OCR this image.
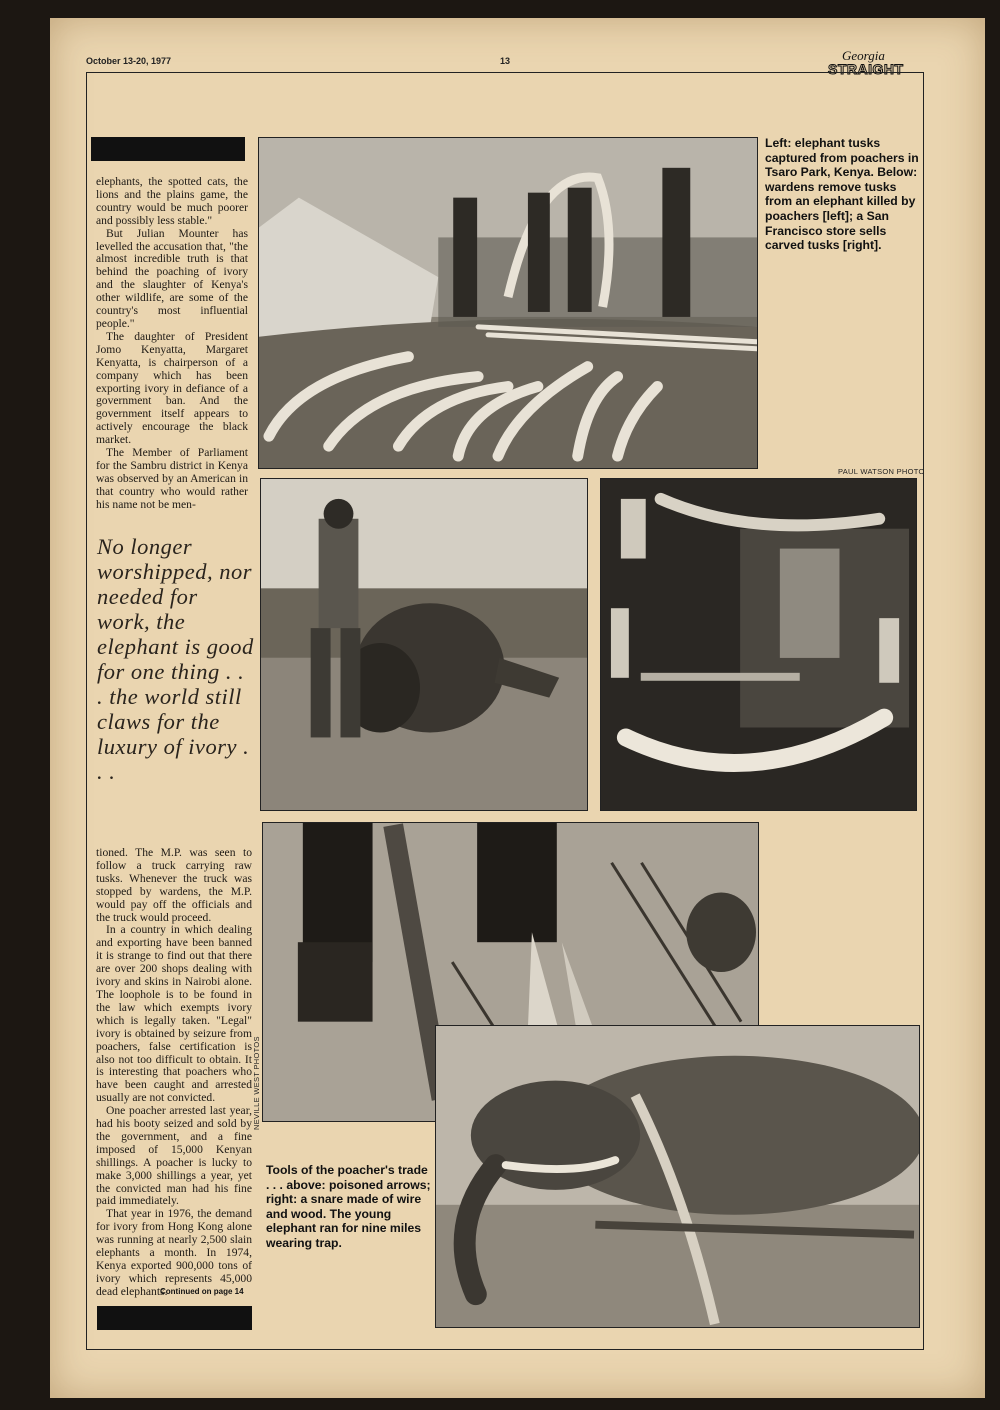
October 13-20, 1977	13	Georgia
STRAIGHT

elephants, the spotted cats, the lions and the plains game, the country would be much poorer and possibly less stable."

But Julian Mounter has levelled the accusation that, "the almost incredible truth is that behind the poaching of ivory and the slaughter of Kenya's other wildlife, are some of the country's most influential people."

The daughter of President Jomo Kenyatta, Margaret Kenyatta, is chairperson of a company which has been exporting ivory in defiance of a government ban. And the government itself appears to actively encourage the black market.

The Member of Parliament for the Sambru district in Kenya was observed by an American in that country who would rather his name not be men-

No longer worshipped, nor needed for work, the elephant is good for one thing . . . the world still claws for the luxury of ivory . . .

tioned. The M.P. was seen to follow a truck carrying raw tusks. Whenever the truck was stopped by wardens, the M.P. would pay off the officials and the truck would proceed.

In a country in which dealing and exporting have been banned it is strange to find out that there are over 200 shops dealing with ivory and skins in Nairobi alone. The loophole is to be found in the law which exempts ivory which is legally taken. "Legal" ivory is obtained by seizure from poachers, false certification is also not too difficult to obtain. It is interesting that poachers who have been caught and arrested usually are not convicted.

One poacher arrested last year, had his booty seized and sold by the government, and a fine imposed of 15,000 Kenyan shillings. A poacher is lucky to make 3,000 shillings a year, yet the convicted man had his fine paid immediately.

That year in 1976, the demand for ivory from Hong Kong alone was running at nearly 2,500 slain elephants a month. In 1974, Kenya exported 900,000 tons of ivory which represents 45,000 dead elephants.

Continued on page 14
Left: elephant tusks captured from poachers in Tsaro Park, Kenya. Below: wardens remove tusks from an elephant killed by poachers [left]; a San Francisco store sells carved tusks [right].
PAUL WATSON PHOTO
Tools of the poacher's trade . . . above: poisoned arrows; right: a snare made of wire and wood. The young elephant ran for nine miles wearing trap.
NEVILLE WEST PHOTOS
